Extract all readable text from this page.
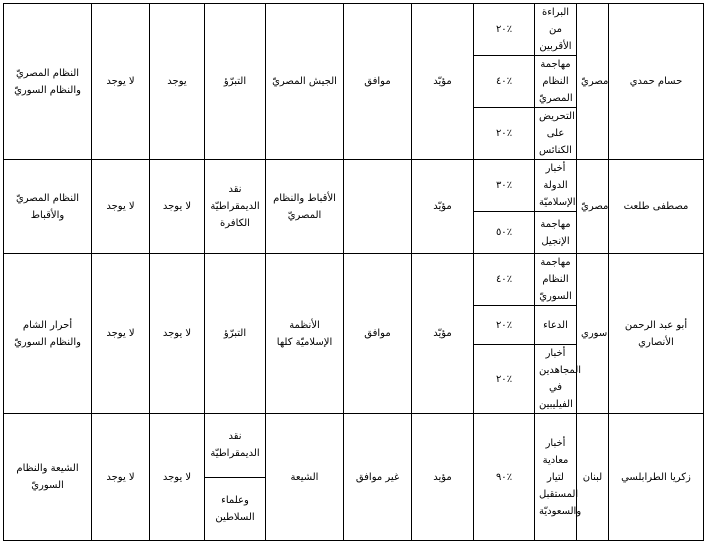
النظام المصريّ والنظام السوريّ	لا يوجد	يوجد	التبرّؤ	الجيش المصريّ	موافق	مؤيّد	٢٠٪	البراءة من الأقربين	مصريّ	حسام حمدي
							٤٠٪	مهاجمة النظام المصريّ		
							٢٠٪	التحريض على الكنائس		
النظام المصريّ والأقباط	لا يوجد	لا يوجد	نقد الديمقراطيّة الكافرة	الأقباط والنظام المصريّ		مؤيّد	٣٠٪	أخبار الدولة الإسلاميّة	مصريّ	مصطفى طلعت
							٥٠٪	مهاجمة الإنجيل		
أحرار الشام والنظام السوريّ	لا يوجد	لا يوجد	التبرّؤ	الأنظمة الإسلاميّة كلها	موافق	مؤيّد	٤٠٪	مهاجمة النظام السوريّ	سوري	أبو عبد الرحمن الأنصاري
							٢٠٪	الدعاء		
							٢٠٪	أخبار المجاهدين في الفيليبين		
الشيعة والنظام السوريّ	لا يوجد	لا يوجد	نقد الديمقراطيّة	الشيعة	غير موافق	مؤيد	٩٠٪	أخبار معادية لتيار المستقبل والسعوديّة	لبنان	زكريا الطرابلسي
			وعلماء السلاطين							
